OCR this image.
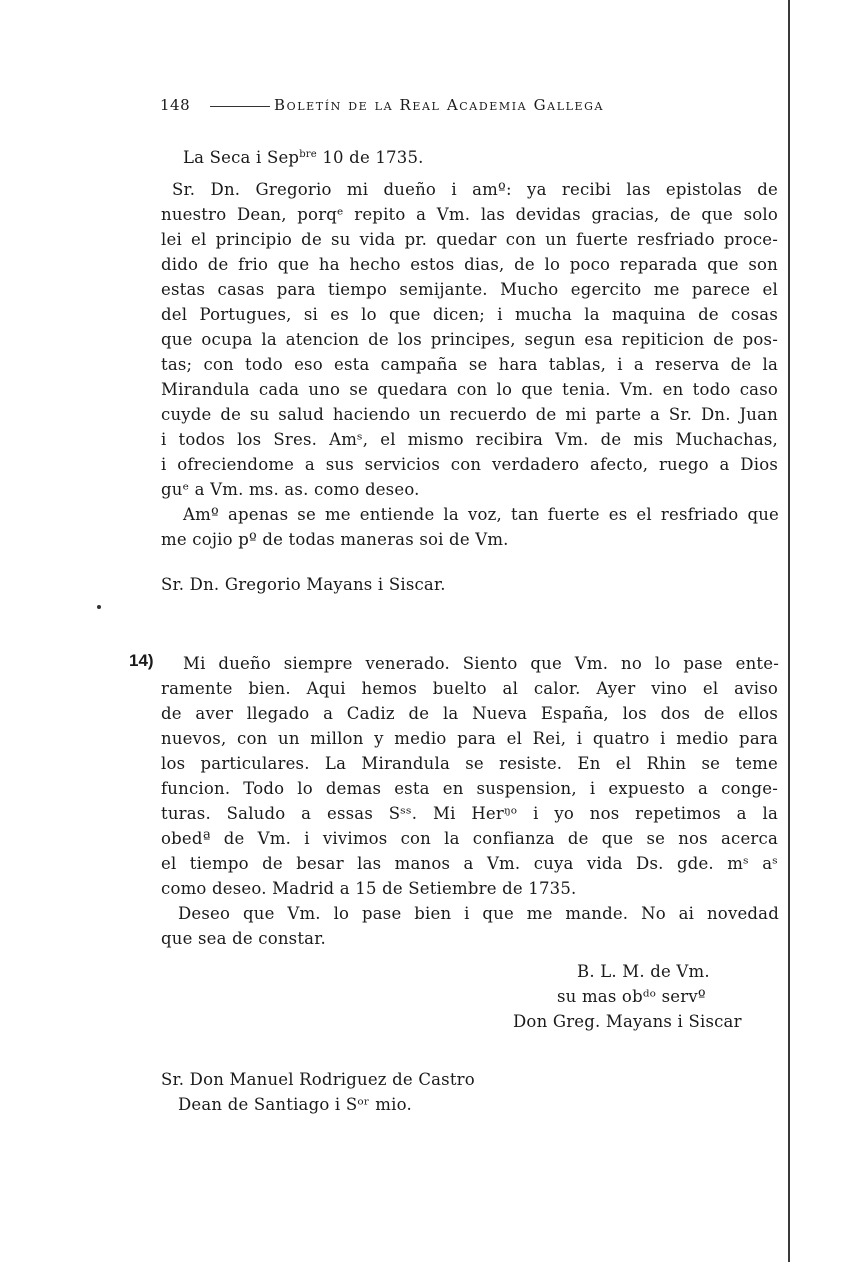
148	Boletín de la Real Academia Gallega
La Seca i Sep$^{bre}$ 10 de 1735.
Sr. Dn. Gregorio mi dueño i amº: ya recibi las epistolas de
nuestro Dean, porqᵉ repito a Vm. las devidas gracias, de que solo
lei el principio de su vida pr. quedar con un fuerte resfriado proce-
dido de frio que ha hecho estos dias, de lo poco reparada que son
estas casas para tiempo semijante. Mucho egercito me parece el
del Portugues, si es lo que dicen; i mucha la maquina de cosas
que ocupa la atencion de los principes, segun esa repiticion de pos-
tas; con todo eso esta campaña se hara tablas, i a reserva de la
Mirandula cada uno se quedara con lo que tenia. Vm. en todo caso
cuyde de su salud haciendo un recuerdo de mi parte a Sr. Dn. Juan
i todos los Sres. Amˢ, el mismo recibira Vm. de mis Muchachas,
i ofreciendome a sus servicios con verdadero afecto, ruego a Dios
guᵉ a Vm. ms. as. como deseo.
Amº apenas se me entiende la voz, tan fuerte es el resfriado que
me cojio pº de todas maneras soi de Vm.
Sr. Dn. Gregorio Mayans i Siscar.
14) Mi dueño siempre venerado. Siento que Vm. no lo pase ente-
ramente bien. Aqui hemos buelto al calor. Ayer vino el aviso
de aver llegado a Cadiz de la Nueva España, los dos de ellos
nuevos, con un millon y medio para el Rei, i quatro i medio para
los particulares. La Mirandula se resiste. En el Rhin se teme
funcion. Todo lo demas esta en suspension, i expuesto a conge-
turas. Saludo a essas Sˢˢ. Mi Herᵑᵒ i yo nos repetimos a la
obedª de Vm. i vivimos con la confianza de que se nos acerca
el tiempo de besar las manos a Vm. cuya vida Ds. gde. mˢ aˢ
como deseo. Madrid a 15 de Setiembre de 1735.
Deseo que Vm. lo pase bien i que me mande. No ai novedad
que sea de constar.
B. L. M. de Vm.
su mas obᵈᵒ servº
Don Greg. Mayans i Siscar
Sr. Don Manuel Rodriguez de Castro
Dean de Santiago i Sᵒʳ mio.
